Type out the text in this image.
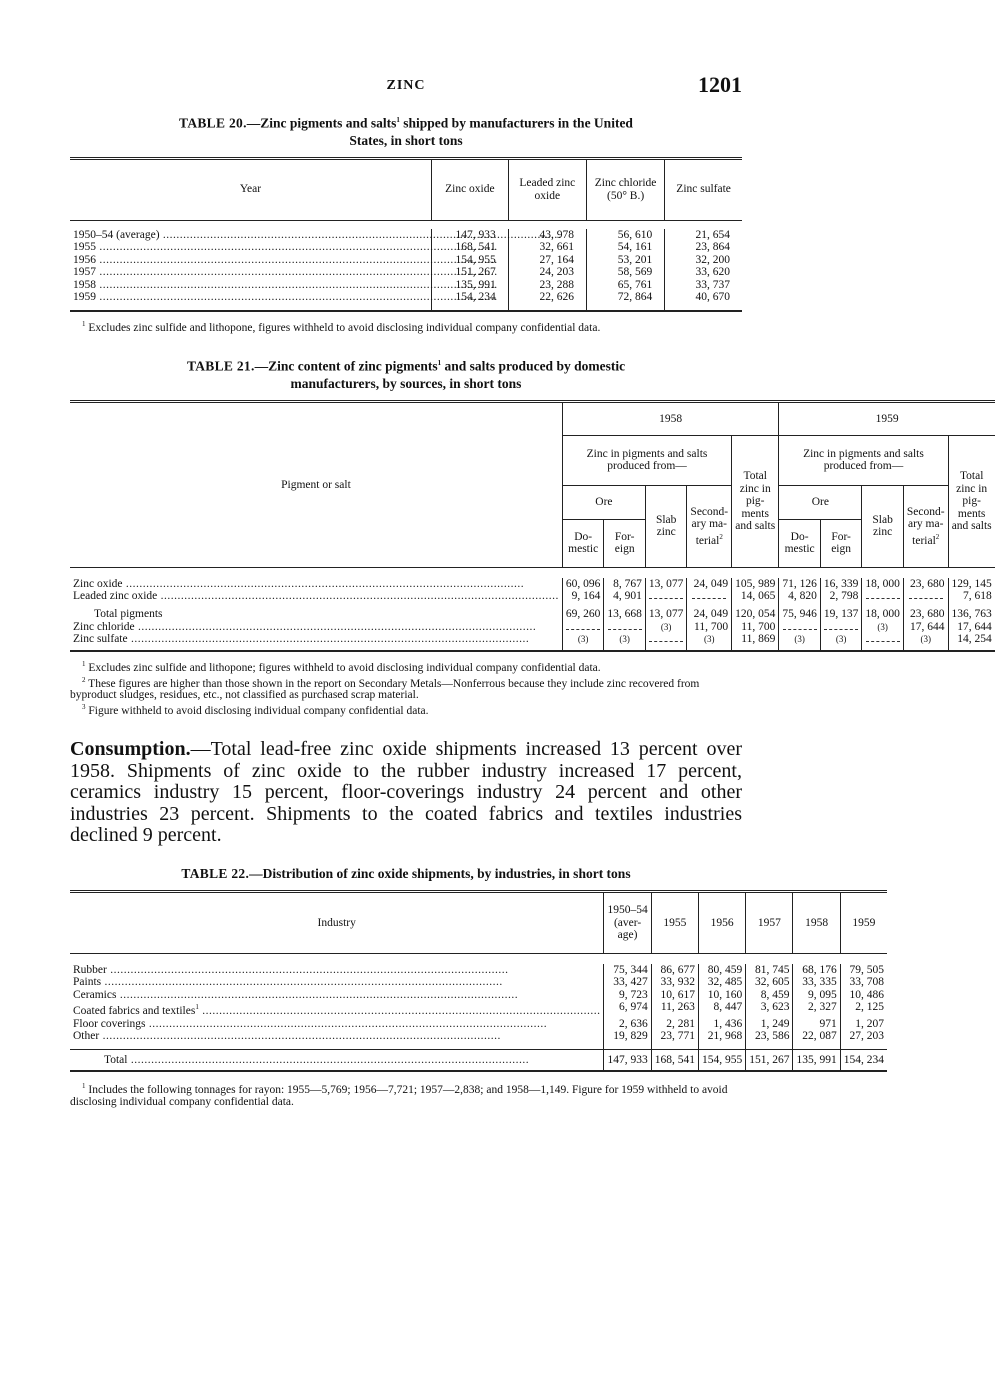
ZINC	1201
TABLE 20.—Zinc pigments and salts$^1$ shipped by manufacturers in the United
States, in short tons
Year	Zinc oxide	Leaded zinc oxide	Zinc chloride (50° B.)	Zinc sulfate

1950–54 (average) .....	147, 933	43, 978	56, 610	21, 654
1955 .....	168, 541	32, 661	54, 161	23, 864
1956 .....	154, 955	27, 164	53, 201	32, 200
1957 .....	151, 267	24, 203	58, 569	33, 620
1958 .....	135, 991	23, 288	65, 761	33, 737
1959 .....	154, 234	22, 626	72, 864	40, 670

$^1$ Excludes zinc sulfide and lithopone, figures withheld to avoid disclosing individual company confidential data.

TABLE 21.—Zinc content of zinc pigments$^1$ and salts produced by domestic
manufacturers, by sources, in short tons
Pigment or salt	1958					1959				
	Zinc in pigments and salts produced from—				Total zinc in pig- ments and salts	Zinc in pigments and salts produced from—				Total zinc in pig- ments and salts
	Ore		Slab zinc	Second- ary ma- terial$^2$		Ore		Slab zinc	Second- ary ma- terial$^2$
	Do- mestic	For- eign				Do- mestic	For- eign			

Zinc oxide .....	60, 096	8, 767	13, 077	24, 049	105, 989	71, 126	16, 339	18, 000	23, 680	129, 145
Leaded zinc oxide .....	9, 164	4, 901			14, 065	4, 820	2, 798			7, 618
Total pigments	69, 260	13, 668	13, 077	24, 049	120, 054	75, 946	19, 137	18, 000	23, 680	136, 763
Zinc chloride .....			(3)	11, 700	11, 700			(3)	17, 644	17, 644
Zinc sulfate .....	(3)	(3)		(3)	11, 869	(3)	(3)		(3)	14, 254

$^1$ Excludes zinc sulfide and lithopone; figures withheld to avoid disclosing individual company confidential data.

$^2$ These figures are higher than those shown in the report on Secondary Metals—Nonferrous because they include zinc recovered from byproduct sludges, residues, etc., not classified as purchased scrap material.

$^3$ Figure withheld to avoid disclosing individual company confidential data.

Consumption.—Total lead-free zinc oxide shipments increased 13 percent over 1958. Shipments of zinc oxide to the rubber industry increased 17 percent, ceramics industry 15 percent, floor-coverings industry 24 percent and other industries 23 percent. Shipments to the coated fabrics and textiles industries declined 9 percent.
TABLE 22.—Distribution of zinc oxide shipments, by industries, in short tons
Industry	1950–54 (aver- age)	1955	1956	1957	1958	1959

Rubber .....	75, 344	86, 677	80, 459	81, 745	68, 176	79, 505
Paints .....	33, 427	33, 932	32, 485	32, 605	33, 335	33, 708
Ceramics .....	9, 723	10, 617	10, 160	8, 459	9, 095	10, 486
Coated fabrics and textiles$^1$ .....	6, 974	11, 263	8, 447	3, 623	2, 327	2, 125
Floor coverings .....	2, 636	2, 281	1, 436	1, 249	971	1, 207
Other .....	19, 829	23, 771	21, 968	23, 586	22, 087	27, 203

Total .....	147, 933	168, 541	154, 955	151, 267	135, 991	154, 234

$^1$ Includes the following tonnages for rayon: 1955—5,769; 1956—7,721; 1957—2,838; and 1958—1,149. Figure for 1959 withheld to avoid disclosing individual company confidential data.
